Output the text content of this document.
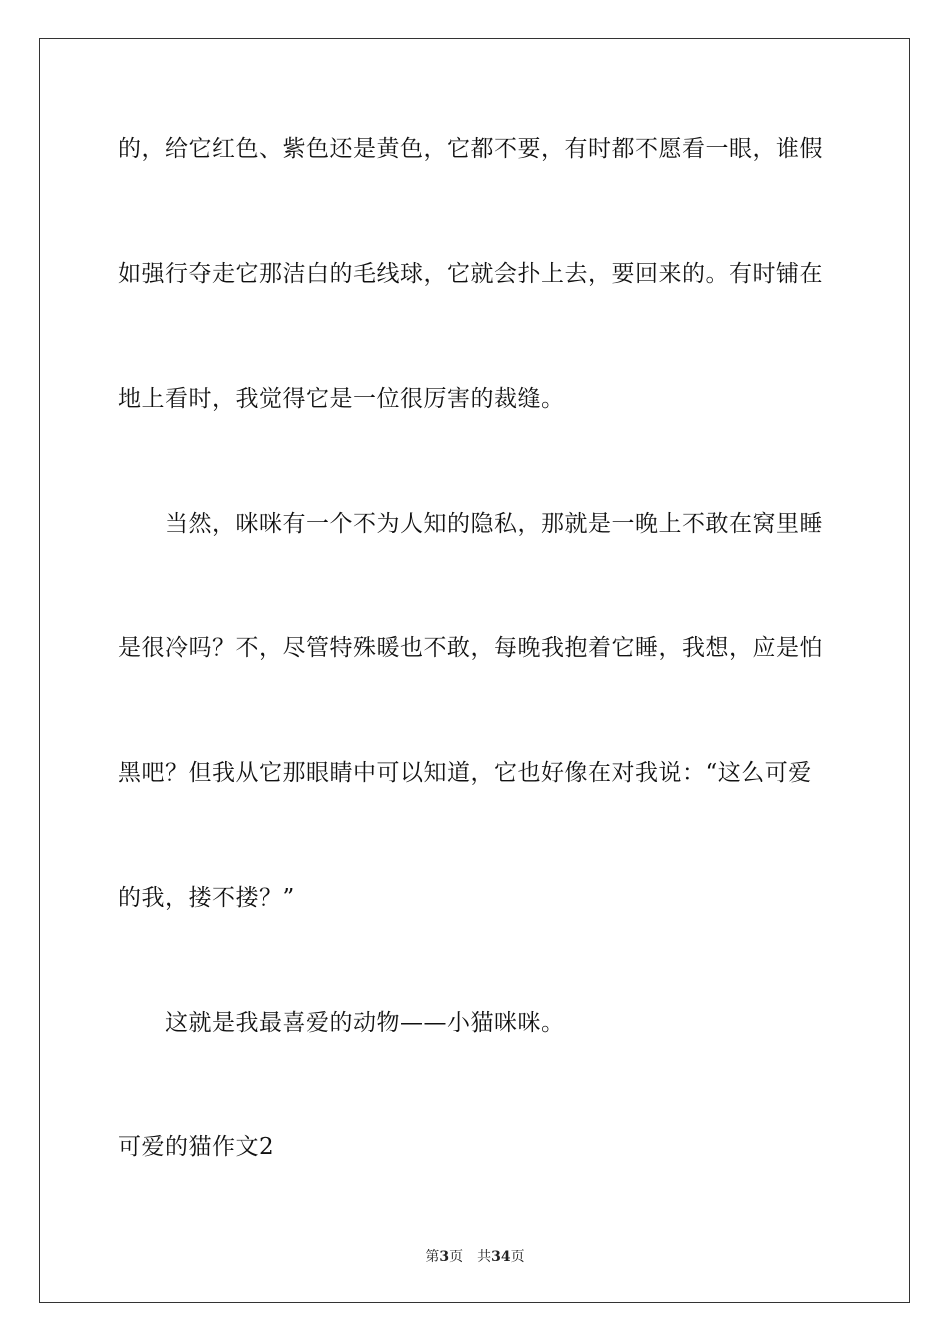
的，给它红色、紫色还是黄色，它都不要，有时都不愿看一眼，谁假
如强行夺走它那洁白的毛线球，它就会扑上去，要回来的。有时铺在
地上看时，我觉得它是一位很厉害的裁缝。
　　当然，咪咪有一个不为人知的隐私，那就是一晚上不敢在窝里睡
是很冷吗？不，尽管特殊暖也不敢，每晚我抱着它睡，我想，应是怕
黑吧？但我从它那眼睛中可以知道，它也好像在对我说：“这么可爱
的我，搂不搂？”
　　这就是我最喜爱的动物——小猫咪咪。
可爱的猫作文2
第3页 共34页
